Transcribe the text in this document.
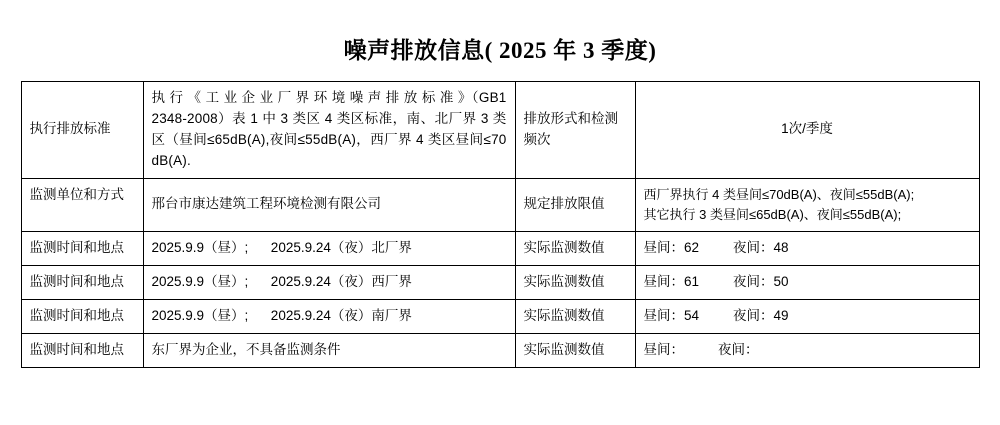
噪声排放信息( 2025 年 3 季度)
执行排放标准	执 行 《 工 业 企 业 厂 界 环 境 噪 声 排 放 标 准 》（GB12348-2008）表 1 中 3 类区 4 类区标准，南、北厂界 3 类区（昼间≤65dB(A),夜间≤55dB(A)，西厂界 4 类区昼间≤70dB(A).	排放形式和检测频次	1次/季度
监测单位和方式	邢台市康达建筑工程环境检测有限公司	规定排放限值	西厂界执行 4 类昼间≤70dB(A)、夜间≤55dB(A);
其它执行 3 类昼间≤65dB(A)、夜间≤55dB(A);

监测时间和地点	2025.9.9（昼）;      2025.9.24（夜）北厂界	实际监测数值	昼间：62 夜间：48
监测时间和地点	2025.9.9（昼）;      2025.9.24（夜）西厂界	实际监测数值	昼间：61 夜间：50
监测时间和地点	2025.9.9（昼）;      2025.9.24（夜）南厂界	实际监测数值	昼间：54 夜间：49
监测时间和地点	东厂界为企业，不具备监测条件	实际监测数值	昼间： 夜间：
